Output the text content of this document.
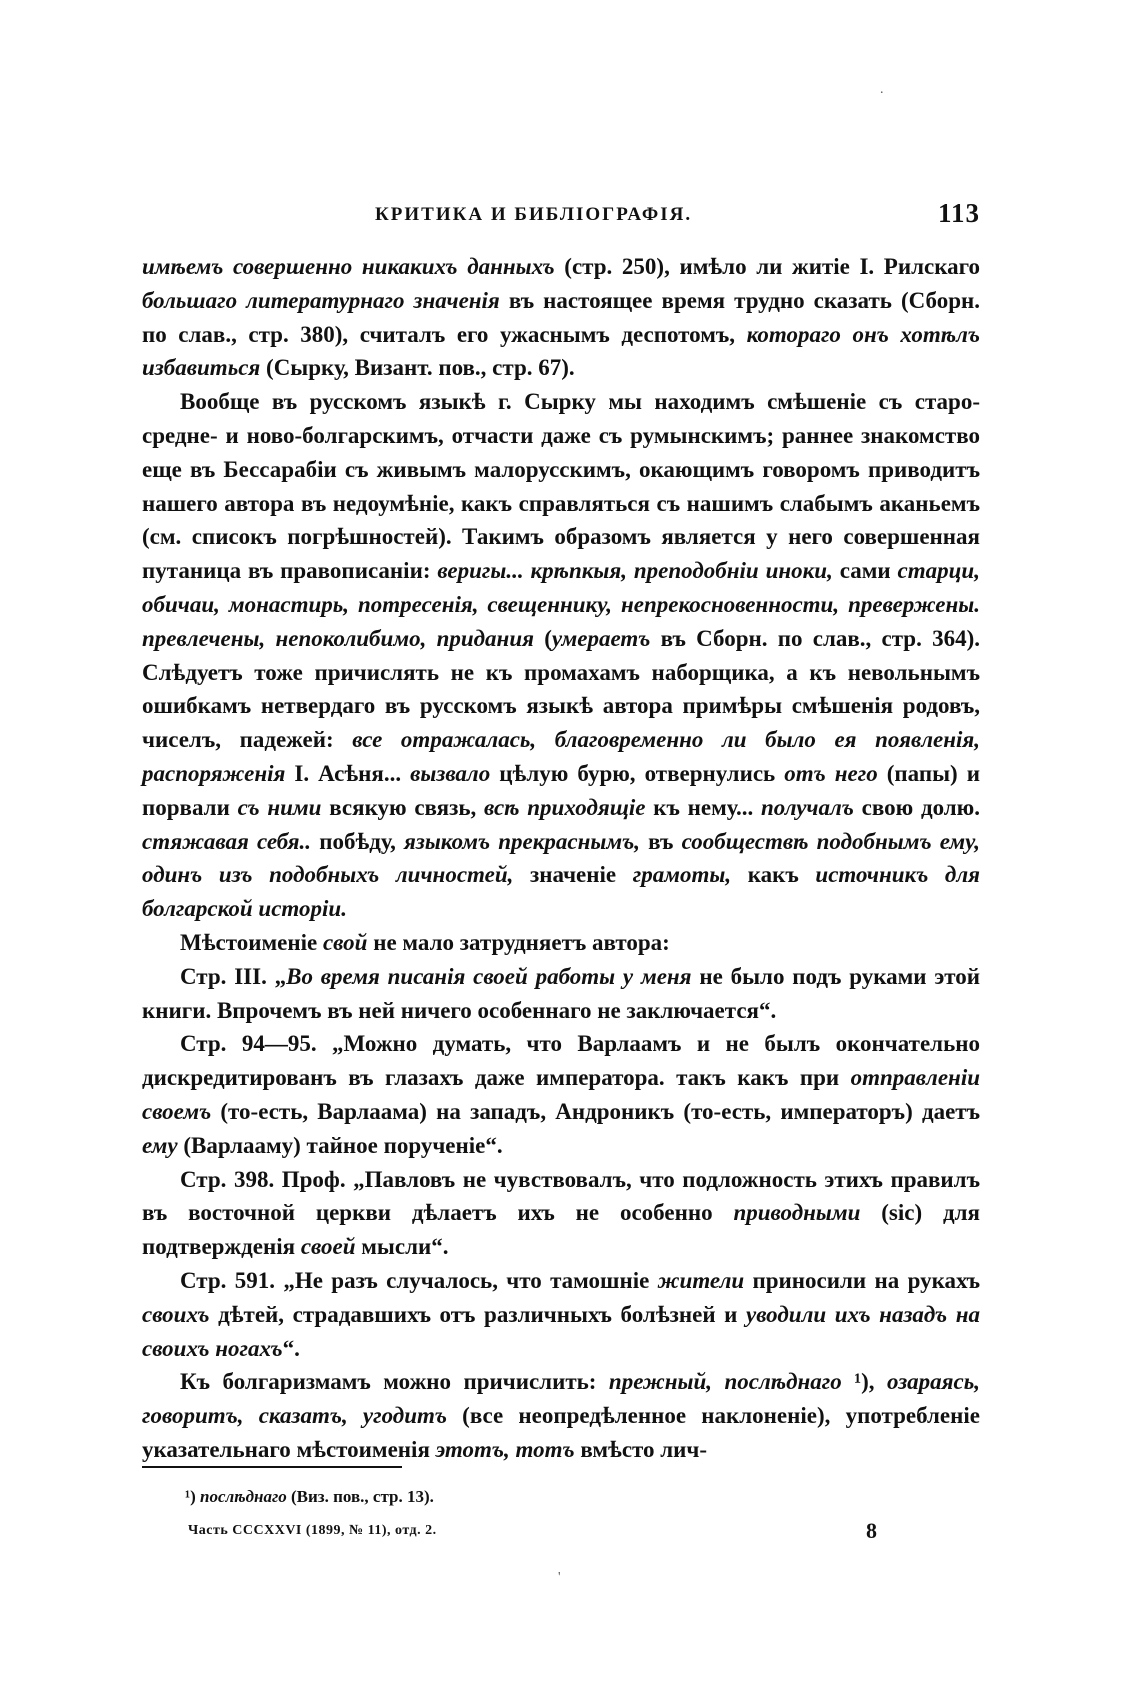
КРИТИКА И БИБЛІОГРАФІЯ.	113

имѣемъ совершенно никакихъ данныхъ (стр. 250), имѣло ли житіе І. Рилскаго большаго литературнаго значенія въ настоящее время трудно сказать (Сборн. по слав., стр. 380), считалъ его ужаснымъ деспотомъ, котораго онъ хотѣлъ избавиться (Сырку, Визант. пов., стр. 67).

Вообще въ русскомъ языкѣ г. Сырку мы находимъ смѣшеніе съ старо- средне- и ново-болгарскимъ, отчасти даже съ румынскимъ; раннее знакомство еще въ Бессарабіи съ живымъ малорусскимъ, окающимъ говоромъ приводитъ нашего автора въ недоумѣніе, какъ справляться съ нашимъ слабымъ аканьемъ (см. списокъ погрѣшностей). Такимъ образомъ является у него совершенная путаница въ правописаніи: веригы... крѣпкыя, преподобніи иноки, сами старци, обичаи, монастирь, потресенія, свещеннику, непрекосновенности, превержены. превлечены, непоколибимо, придания (умераетъ въ Сборн. по слав., стр. 364). Слѣдуетъ тоже причислять не къ промахамъ наборщика, а къ невольнымъ ошибкамъ нетвердаго въ русскомъ языкѣ автора примѣры смѣшенія родовъ, чиселъ, падежей: все отражалась, благовременно ли было ея появленія, распоряженія І. Асѣня... вызвало цѣлую бурю, отвернулись отъ него (папы) и порвали съ ними всякую связь, всѣ приходящіе къ нему... получалъ свою долю. стяжавая себя.. побѣду, языкомъ прекраснымъ, въ сообществѣ подобнымъ ему, одинъ изъ подобныхъ личностей, значеніе грамоты, какъ источникъ для болгарской исторіи.

Мѣстоименіе свой не мало затрудняетъ автора:

Стр. III. „Во время писанія своей работы у меня не было подъ руками этой книги. Впрочемъ въ ней ничего особеннаго не заключается“.

Стр. 94—95. „Можно думать, что Варлаамъ и не былъ окончательно дискредитированъ въ глазахъ даже императора. такъ какъ при отправленіи своемъ (то-есть, Варлаама) на западъ, Андроникъ (то-есть, императоръ) даетъ ему (Варлааму) тайное порученіе“.

Стр. 398. Проф. „Павловъ не чувствовалъ, что подложность этихъ правилъ въ восточной церкви дѣлаетъ ихъ не особенно приводными (sic) для подтвержденія своей мысли“.

Стр. 591. „Не разъ случалось, что тамошніе жители приносили на рукахъ своихъ дѣтей, страдавшихъ отъ различныхъ болѣзней и уводили ихъ назадъ на своихъ ногахъ“.

Къ болгаризмамъ можно причислить: прежный, послѣднаго ¹), озараясь, говоритъ, сказатъ, угодитъ (все неопредѣленное наклоненіе), употребленіе указательнаго мѣстоименія этотъ, тотъ вмѣсто лич-

¹) послѣднаго (Виз. пов., стр. 13).
Часть CCCXXVI (1899, № 11), отд. 2.	8
.
'
